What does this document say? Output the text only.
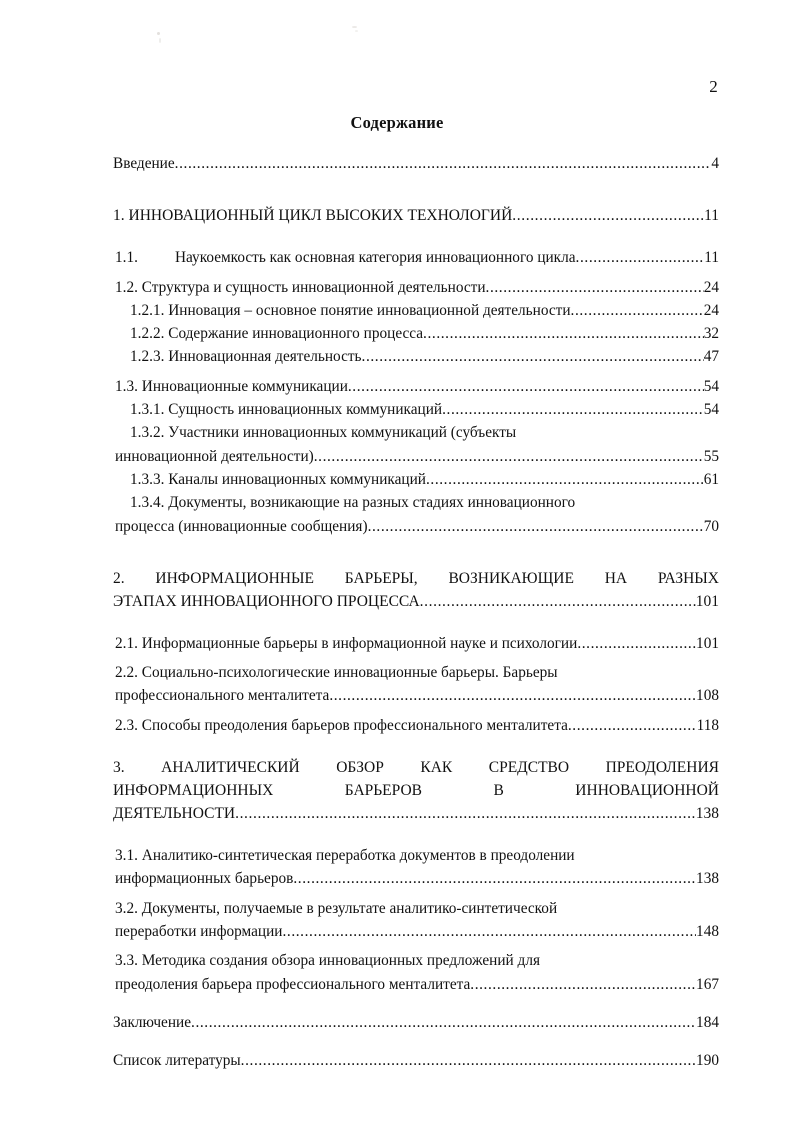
2
Содержание
Введение .....	4
1. ИННОВАЦИОННЫЙ ЦИКЛ ВЫСОКИХ ТЕХНОЛОГИЙ .....	11
1.1. Наукоемкость как основная категория инновационного цикла .....	11
1.2. Структура и сущность инновационной деятельности .....	24
1.2.1. Инновация – основное понятие инновационной деятельности .....	24
1.2.2. Содержание инновационного процесса .....	32
1.2.3. Инновационная деятельность .....	47
1.3. Инновационные коммуникации .....	54
1.3.1. Сущность инновационных коммуникаций .....	54
1.3.2. Участники инновационных коммуникаций (субъекты
инновационной деятельности) .....	55
1.3.3. Каналы инновационных коммуникаций .....	61
1.3.4. Документы, возникающие на разных стадиях инновационного
процесса (инновационные сообщения) .....	70
2. ИНФОРМАЦИОННЫЕ БАРЬЕРЫ, ВОЗНИКАЮЩИЕ НА РАЗНЫХ
ЭТАПАХ ИННОВАЦИОННОГО ПРОЦЕССА .....	101
2.1. Информационные барьеры в информационной науке и психологии .....	101
2.2. Социально-психологические инновационные барьеры. Барьеры
профессионального менталитета .....	108
2.3. Способы преодоления барьеров профессионального менталитета .....	118
3. АНАЛИТИЧЕСКИЙ ОБЗОР КАК СРЕДСТВО ПРЕОДОЛЕНИЯ
ИНФОРМАЦИОННЫХ БАРЬЕРОВ В ИННОВАЦИОННОЙ
ДЕЯТЕЛЬНОСТИ .....	138
3.1. Аналитико-синтетическая переработка документов в преодолении
информационных барьеров .....	138
3.2. Документы, получаемые в результате аналитико-синтетической
переработки информации .....	148
3.3. Методика создания обзора инновационных предложений для
преодоления барьера профессионального менталитета .....	167
Заключение .....	184
Список литературы .....	190
